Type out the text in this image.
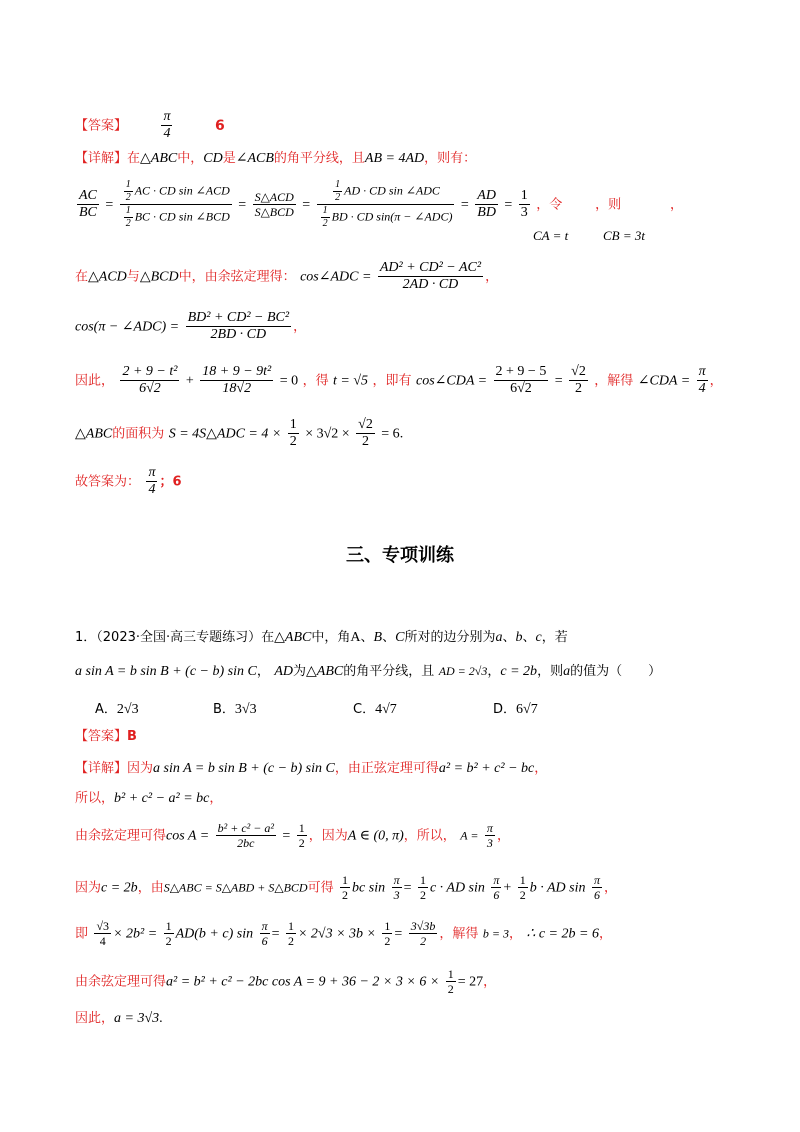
【答案】 $\frac{\pi}{4}$	6
【详解】在△ABC中，CD是∠ACB的角平分线，且AB = 4AD，则有：
$\frac{AC}{BC} = \frac{\frac{1}{2} AC \cdot CD \sin \angle ACD}{\frac{1}{2} BC \cdot CD \sin \angle BCD} = \frac{\text{S△ACD}}{\text{S△BCD}} = \frac{\frac{1}{2} AD \cdot CD \sin \angle ADC}{\frac{1}{2} BD \cdot CD \sin(\pi - \angle ADC)} = \frac{AD}{BD} = \frac{1}{3}$ ，令	，则	，
CA = t	CB = 3t
在△ACD与△BCD中，由余弦定理得： cos∠ADC = $\frac{\text{AD² + CD² − AC²}}{2AD \cdot CD}$ ，
cos(π − ∠ADC) = $\frac{\text{BD² + CD² − BC²}}{2BD \cdot CD}$ ，
因此， $\frac{\text{2 + 9 − t²}}{6√2} + \frac{\text{18 + 9 − 9t²}}{18√2} = 0$ ，得 t = √5 ，即有 cos∠CDA = $\frac{2 + 9 - 5}{6√2} = \frac{√2}{2}$ ，解得 ∠CDA = $\frac{\pi}{4}$ ，
△ABC的面积为 S = 4S△ADC = $4 \times \frac{1}{2} \times 3√2 \times \frac{√2}{2} = 6$.
故答案为： $\frac{\pi}{4}$ ；6
三、专项训练
1．（2023·全国·高三专题练习）在△ABC中，角A、B、C所对的边分别为a、b、c，若
a sin A = b sin B + (c − b) sin C， AD为△ABC的角平分线，且 AD = 2√3，c = 2b，则a的值为（　　）
A．2√3	B．3√3	C．4√7	D．6√7
【答案】B
【详解】因为a sin A = b sin B + (c − b) sin C，由正弦定理可得a² = b² + c² − bc，
所以，b² + c² − a² = bc，
由余弦定理可得$\cos A = \frac{\text{b² + c² − a²}}{2bc} = \frac{1}{2}$ ，因为A ∈ (0, π)，所以， $A = \frac{\pi}{3}$ ，
因为c = 2b，由S△ABC = S△ABD + S△BCD可得 $\frac{1}{2}$ bc $\sin \frac{\pi}{3} = \frac{1}{2}$ c · AD $\sin \frac{\pi}{6} + \frac{1}{2}$ b · AD $\sin \frac{\pi}{6}$ ，
即 $\frac{√3}{4} \times 2b^2 = \frac{1}{2} AD(b + c)$ $\sin \frac{\pi}{6} = \frac{1}{2} \times 2√3 \times 3b \times \frac{1}{2} = \frac{3√3b}{2}$ ，解得 b = 3， ∴ c = 2b = 6，
由余弦定理可得a² = b² + c² − 2bc $\cos A = 9 + 36 - 2 \times 3 \times 6 \times \frac{1}{2} = 27$，
因此，a = 3√3.
